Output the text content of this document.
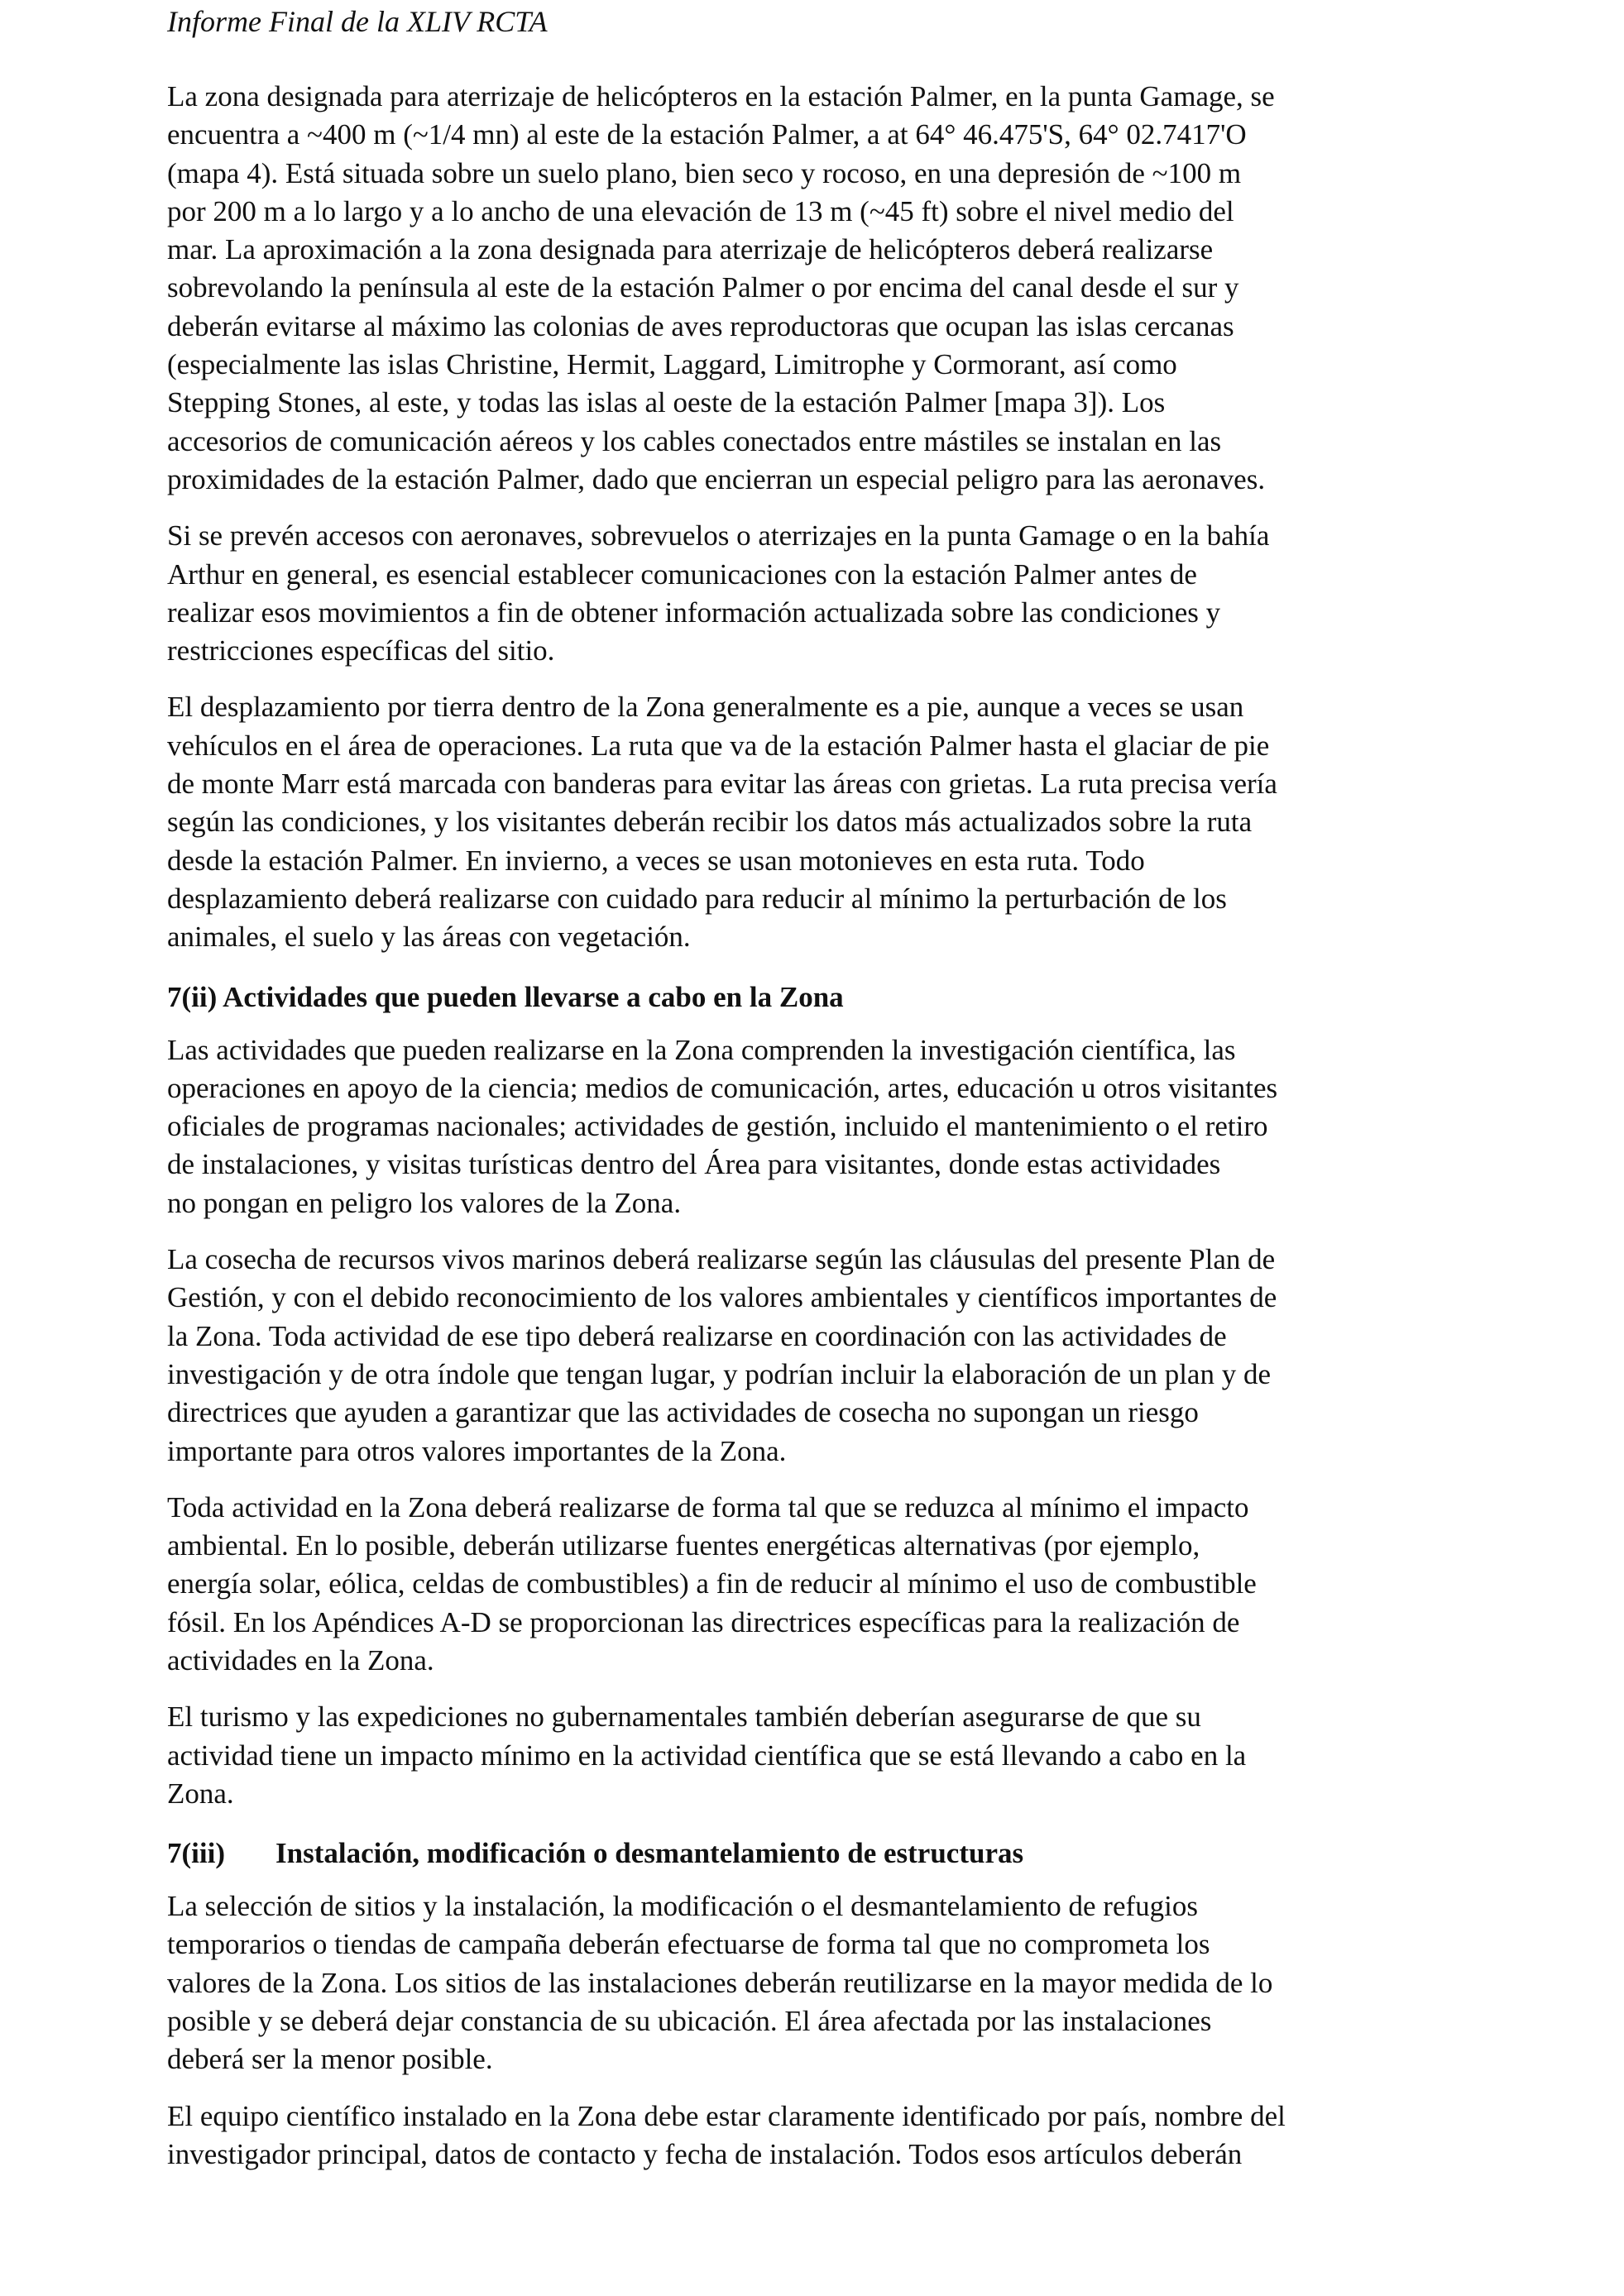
Informe Final de la XLIV RCTA

La zona designada para aterrizaje de helicópteros en la estación Palmer, en la punta Gamage, se
encuentra a ~400 m (~1/4 mn) al este de la estación Palmer, a at 64° 46.475'S, 64° 02.7417'O
(mapa 4). Está situada sobre un suelo plano, bien seco y rocoso, en una depresión de ~100 m
por 200 m a lo largo y a lo ancho de una elevación de 13 m (~45 ft) sobre el nivel medio del
mar. La aproximación a la zona designada para aterrizaje de helicópteros deberá realizarse
sobrevolando la península al este de la estación Palmer o por encima del canal desde el sur y
deberán evitarse al máximo las colonias de aves reproductoras que ocupan las islas cercanas
(especialmente las islas Christine, Hermit, Laggard, Limitrophe y Cormorant, así como
Stepping Stones, al este, y todas las islas al oeste de la estación Palmer [mapa 3]). Los
accesorios de comunicación aéreos y los cables conectados entre mástiles se instalan en las
proximidades de la estación Palmer, dado que encierran un especial peligro para las aeronaves.

Si se prevén accesos con aeronaves, sobrevuelos o aterrizajes en la punta Gamage o en la bahía
Arthur en general, es esencial establecer comunicaciones con la estación Palmer antes de
realizar esos movimientos a fin de obtener información actualizada sobre las condiciones y
restricciones específicas del sitio.

El desplazamiento por tierra dentro de la Zona generalmente es a pie, aunque a veces se usan
vehículos en el área de operaciones. La ruta que va de la estación Palmer hasta el glaciar de pie
de monte Marr está marcada con banderas para evitar las áreas con grietas. La ruta precisa vería
según las condiciones, y los visitantes deberán recibir los datos más actualizados sobre la ruta
desde la estación Palmer. En invierno, a veces se usan motonieves en esta ruta. Todo
desplazamiento deberá realizarse con cuidado para reducir al mínimo la perturbación de los
animales, el suelo y las áreas con vegetación.

7(ii) Actividades que pueden llevarse a cabo en la Zona

Las actividades que pueden realizarse en la Zona comprenden la investigación científica, las
operaciones en apoyo de la ciencia; medios de comunicación, artes, educación u otros visitantes
oficiales de programas nacionales; actividades de gestión, incluido el mantenimiento o el retiro
de instalaciones, y visitas turísticas dentro del Área para visitantes, donde estas actividades
no pongan en peligro los valores de la Zona.

La cosecha de recursos vivos marinos deberá realizarse según las cláusulas del presente Plan de
Gestión, y con el debido reconocimiento de los valores ambientales y científicos importantes de
la Zona. Toda actividad de ese tipo deberá realizarse en coordinación con las actividades de
investigación y de otra índole que tengan lugar, y podrían incluir la elaboración de un plan y de
directrices que ayuden a garantizar que las actividades de cosecha no supongan un riesgo
importante para otros valores importantes de la Zona.

Toda actividad en la Zona deberá realizarse de forma tal que se reduzca al mínimo el impacto
ambiental. En lo posible, deberán utilizarse fuentes energéticas alternativas (por ejemplo,
energía solar, eólica, celdas de combustibles) a fin de reducir al mínimo el uso de combustible
fósil. En los Apéndices A-D se proporcionan las directrices específicas para la realización de
actividades en la Zona.

El turismo y las expediciones no gubernamentales también deberían asegurarse de que su
actividad tiene un impacto mínimo en la actividad científica que se está llevando a cabo en la
Zona.

7(iii) Instalación, modificación o desmantelamiento de estructuras

La selección de sitios y la instalación, la modificación o el desmantelamiento de refugios
temporarios o tiendas de campaña deberán efectuarse de forma tal que no comprometa los
valores de la Zona. Los sitios de las instalaciones deberán reutilizarse en la mayor medida de lo
posible y se deberá dejar constancia de su ubicación. El área afectada por las instalaciones
deberá ser la menor posible.

El equipo científico instalado en la Zona debe estar claramente identificado por país, nombre del
investigador principal, datos de contacto y fecha de instalación. Todos esos artículos deberán
